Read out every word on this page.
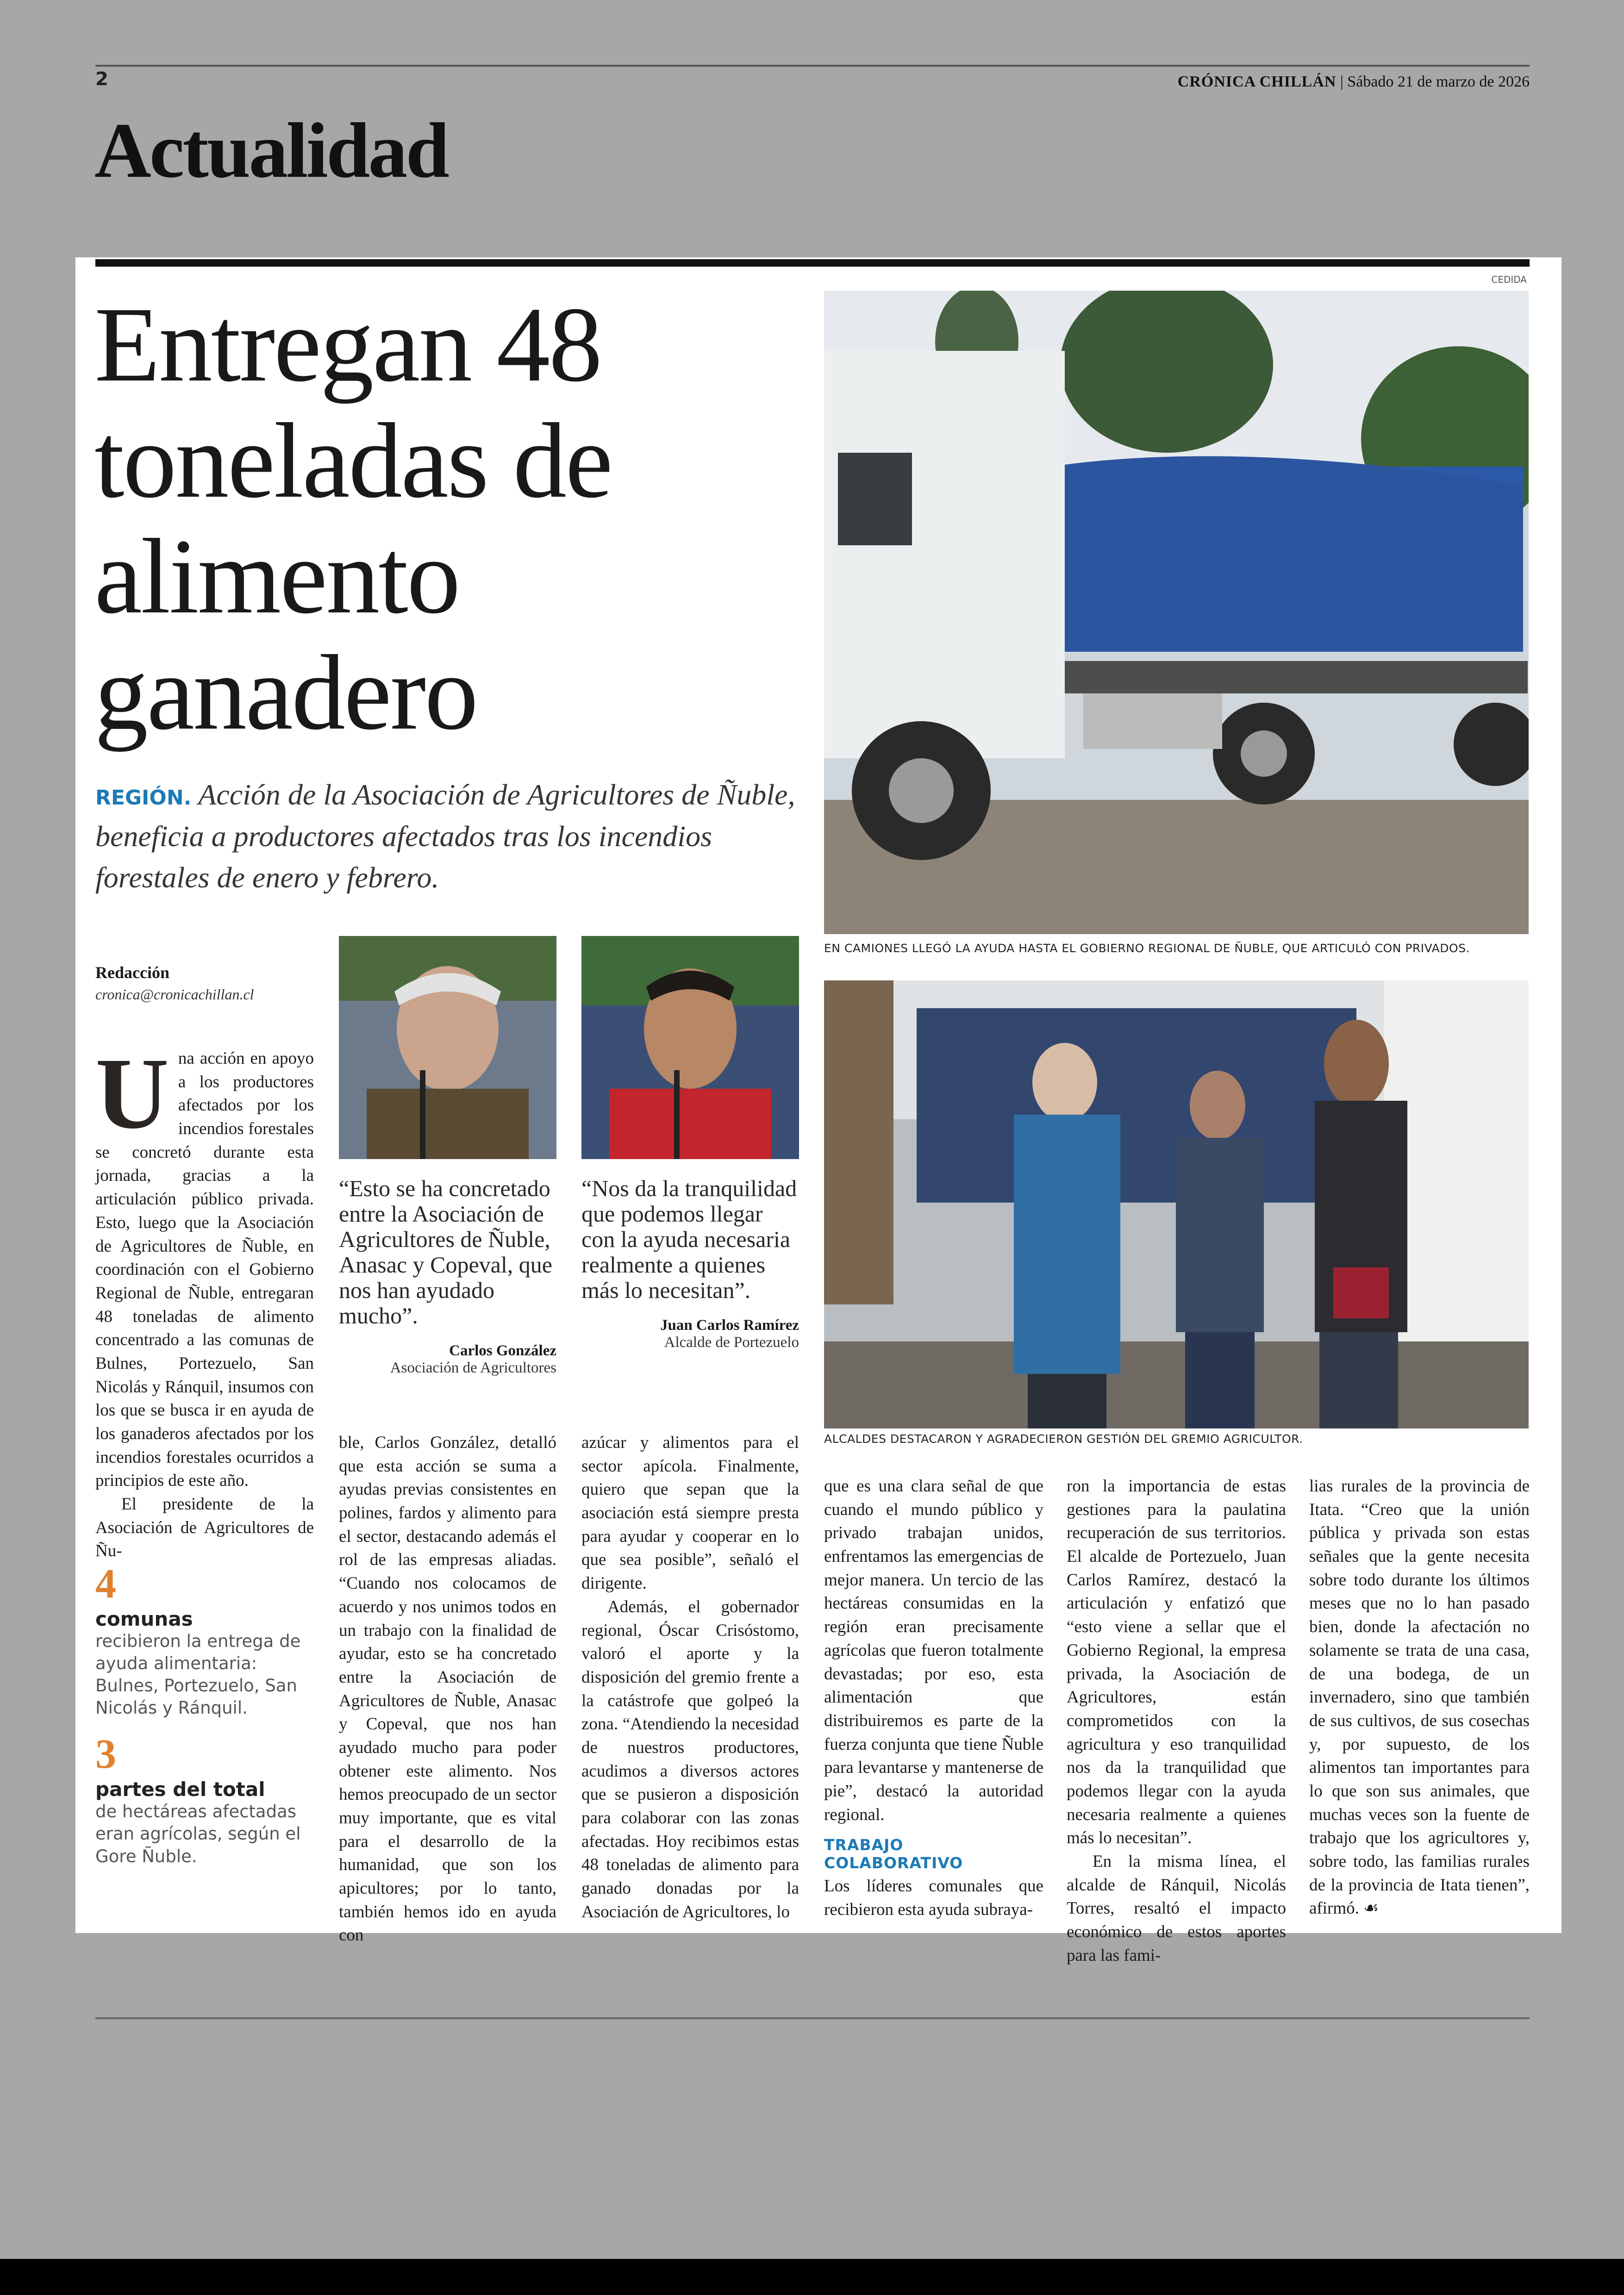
2	CRÓNICA CHILLÁN | Sábado 21 de marzo de 2026
Actualidad
CEDIDA
Entregan 48 toneladas de alimento ganadero
REGIÓN. Acción de la Asociación de Agricultores de Ñuble, beneficia a productores afectados tras los incendios forestales de enero y febrero.
EN CAMIONES LLEGÓ LA AYUDA HASTA EL GOBIERNO REGIONAL DE ÑUBLE, QUE ARTICULÓ CON PRIVADOS.
ALCALDES DESTACARON Y AGRADECIERON GESTIÓN DEL GREMIO AGRICULTOR.
Redacción
cronica@cronicachillan.cl

Una acción en apoyo a los productores afectados por los incendios forestales se concretó durante esta jornada, gracias a la articulación público privada. Esto, luego que la Asociación de Agricultores de Ñuble, en coordinación con el Gobierno Regional de Ñuble, entregaran 48 toneladas de alimento concentrado a las comunas de Bulnes, Portezuelo, San Nicolás y Ránquil, insumos con los que se busca ir en ayuda de los ganaderos afectados por los incendios forestales ocurridos a principios de este año.

El presidente de la Asociación de Agricultores de Ñu-

4
comunas
recibieron la entrega de ayuda alimentaria: Bulnes, Portezuelo, San Nicolás y Ránquil.
3
partes del total
de hectáreas afectadas eran agrícolas, según el Gore Ñuble.
“Esto se ha concretado entre la Asociación de Agricultores de Ñuble, Anasac y Copeval, que nos han ayudado mucho”.
Carlos González
Asociación de Agricultores
“Nos da la tranquilidad que podemos llegar con la ayuda necesaria realmente a quienes más lo necesitan”.
Juan Carlos Ramírez
Alcalde de Portezuelo

ble, Carlos González, detalló que esta acción se suma a ayudas previas consistentes en polines, fardos y alimento para el sector, destacando además el rol de las empresas aliadas. “Cuando nos colocamos de acuerdo y nos unimos todos en un trabajo con la finalidad de ayudar, esto se ha concretado entre la Asociación de Agricultores de Ñuble, Anasac y Copeval, que nos han ayudado mucho para poder obtener este alimento. Nos hemos preocupado de un sector muy importante, que es vital para el desarrollo de la humanidad, que son los apicultores; por lo tanto, también hemos ido en ayuda con

azúcar y alimentos para el sector apícola. Finalmente, quiero que sepan que la asociación está siempre presta para ayudar y cooperar en lo que sea posible”, señaló el dirigente.

Además, el gobernador regional, Óscar Crisóstomo, valoró el aporte y la disposición del gremio frente a la catástrofe que golpeó la zona. “Atendiendo la necesidad de nuestros productores, acudimos a diversos actores que se pusieron a disposición para colaborar con las zonas afectadas. Hoy recibimos estas 48 toneladas de alimento para ganado donadas por la Asociación de Agricultores, lo

que es una clara señal de que cuando el mundo público y privado trabajan unidos, enfrentamos las emergencias de mejor manera. Un tercio de las hectáreas consumidas en la región eran precisamente agrícolas que fueron totalmente devastadas; por eso, esta alimentación que distribuiremos es parte de la fuerza conjunta que tiene Ñuble para levantarse y mantenerse de pie”, destacó la autoridad regional.

TRABAJO COLABORATIVO

Los líderes comunales que recibieron esta ayuda subraya-

ron la importancia de estas gestiones para la paulatina recuperación de sus territorios. El alcalde de Portezuelo, Juan Carlos Ramírez, destacó la articulación y enfatizó que “esto viene a sellar que el Gobierno Regional, la empresa privada, la Asociación de Agricultores, están comprometidos con la agricultura y eso tranquilidad nos da la tranquilidad que podemos llegar con la ayuda necesaria realmente a quienes más lo necesitan”.

En la misma línea, el alcalde de Ránquil, Nicolás Torres, resaltó el impacto económico de estos aportes para las fami-

lias rurales de la provincia de Itata. “Creo que la unión pública y privada son estas señales que la gente necesita sobre todo durante los últimos meses que no lo han pasado bien, donde la afectación no solamente se trata de una casa, de una bodega, de un invernadero, sino que también de sus cultivos, de sus cosechas y, por supuesto, de los alimentos tan importantes para lo que son sus animales, que muchas veces son la fuente de trabajo que los agricultores y, sobre todo, las familias rurales de la provincia de Itata tienen”, afirmó. ☙
